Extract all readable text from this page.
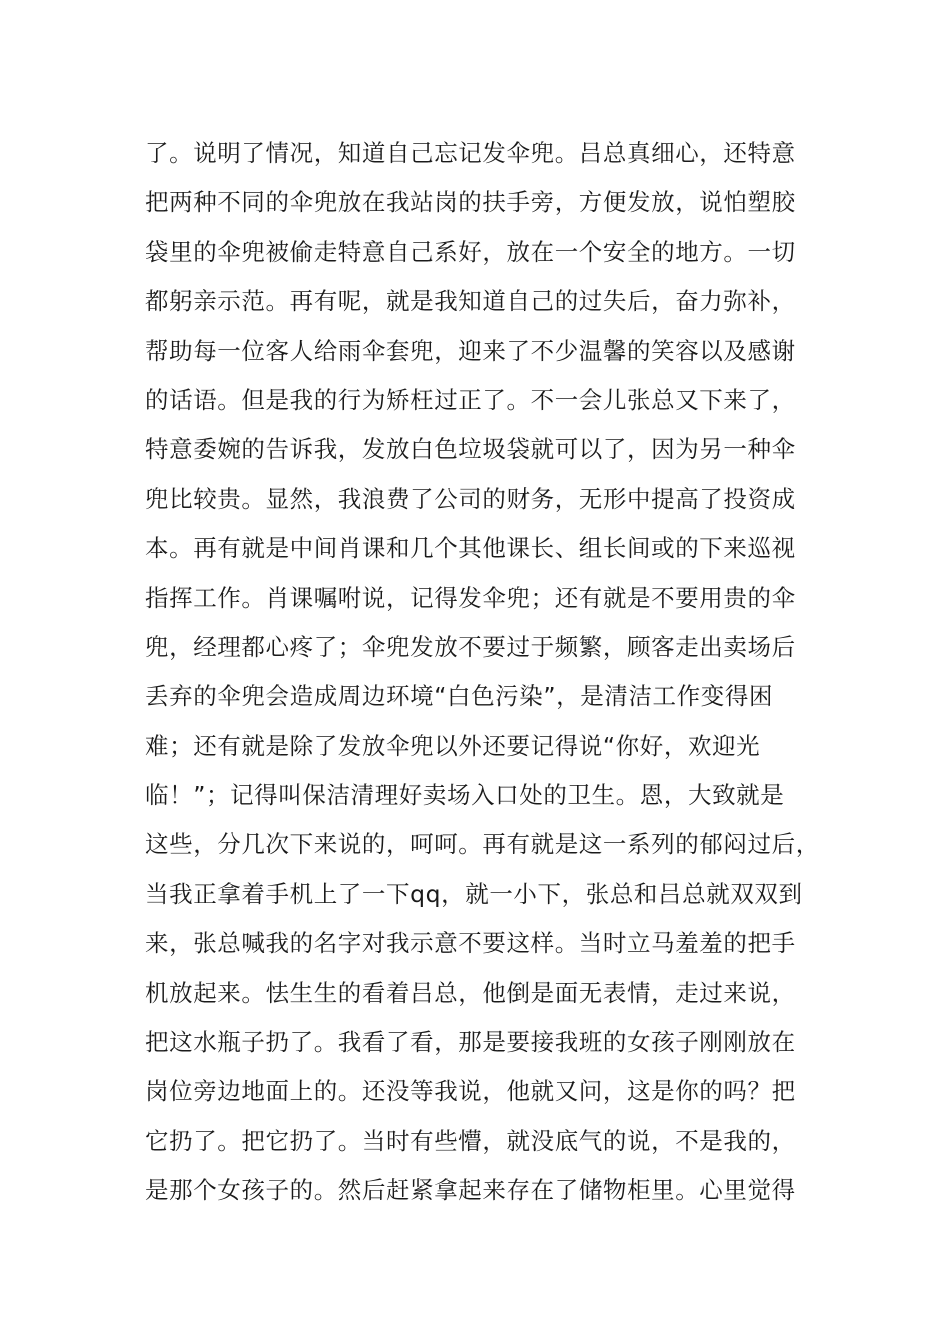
了。说明了情况，知道自己忘记发伞兜。吕总真细心，还特意
把两种不同的伞兜放在我站岗的扶手旁，方便发放，说怕塑胶
袋里的伞兜被偷走特意自己系好，放在一个安全的地方。一切
都躬亲示范。再有呢，就是我知道自己的过失后，奋力弥补，
帮助每一位客人给雨伞套兜，迎来了不少温馨的笑容以及感谢
的话语。但是我的行为矫枉过正了。不一会儿张总又下来了，
特意委婉的告诉我，发放白色垃圾袋就可以了，因为另一种伞
兜比较贵。显然，我浪费了公司的财务，无形中提高了投资成
本。再有就是中间肖课和几个其他课长、组长间或的下来巡视
指挥工作。肖课嘱咐说，记得发伞兜；还有就是不要用贵的伞
兜，经理都心疼了；伞兜发放不要过于频繁，顾客走出卖场后
丢弃的伞兜会造成周边环境“白色污染”，是清洁工作变得困
难；还有就是除了发放伞兜以外还要记得说“你好，欢迎光
临！”；记得叫保洁清理好卖场入口处的卫生。恩，大致就是
这些，分几次下来说的，呵呵。再有就是这一系列的郁闷过后，
当我正拿着手机上了一下qq，就一小下，张总和吕总就双双到
来，张总喊我的名字对我示意不要这样。当时立马羞羞的把手
机放起来。怯生生的看着吕总，他倒是面无表情，走过来说，
把这水瓶子扔了。我看了看，那是要接我班的女孩子刚刚放在
岗位旁边地面上的。还没等我说，他就又问，这是你的吗？把
它扔了。把它扔了。当时有些懵，就没底气的说，不是我的，
是那个女孩子的。然后赶紧拿起来存在了储物柜里。心里觉得
